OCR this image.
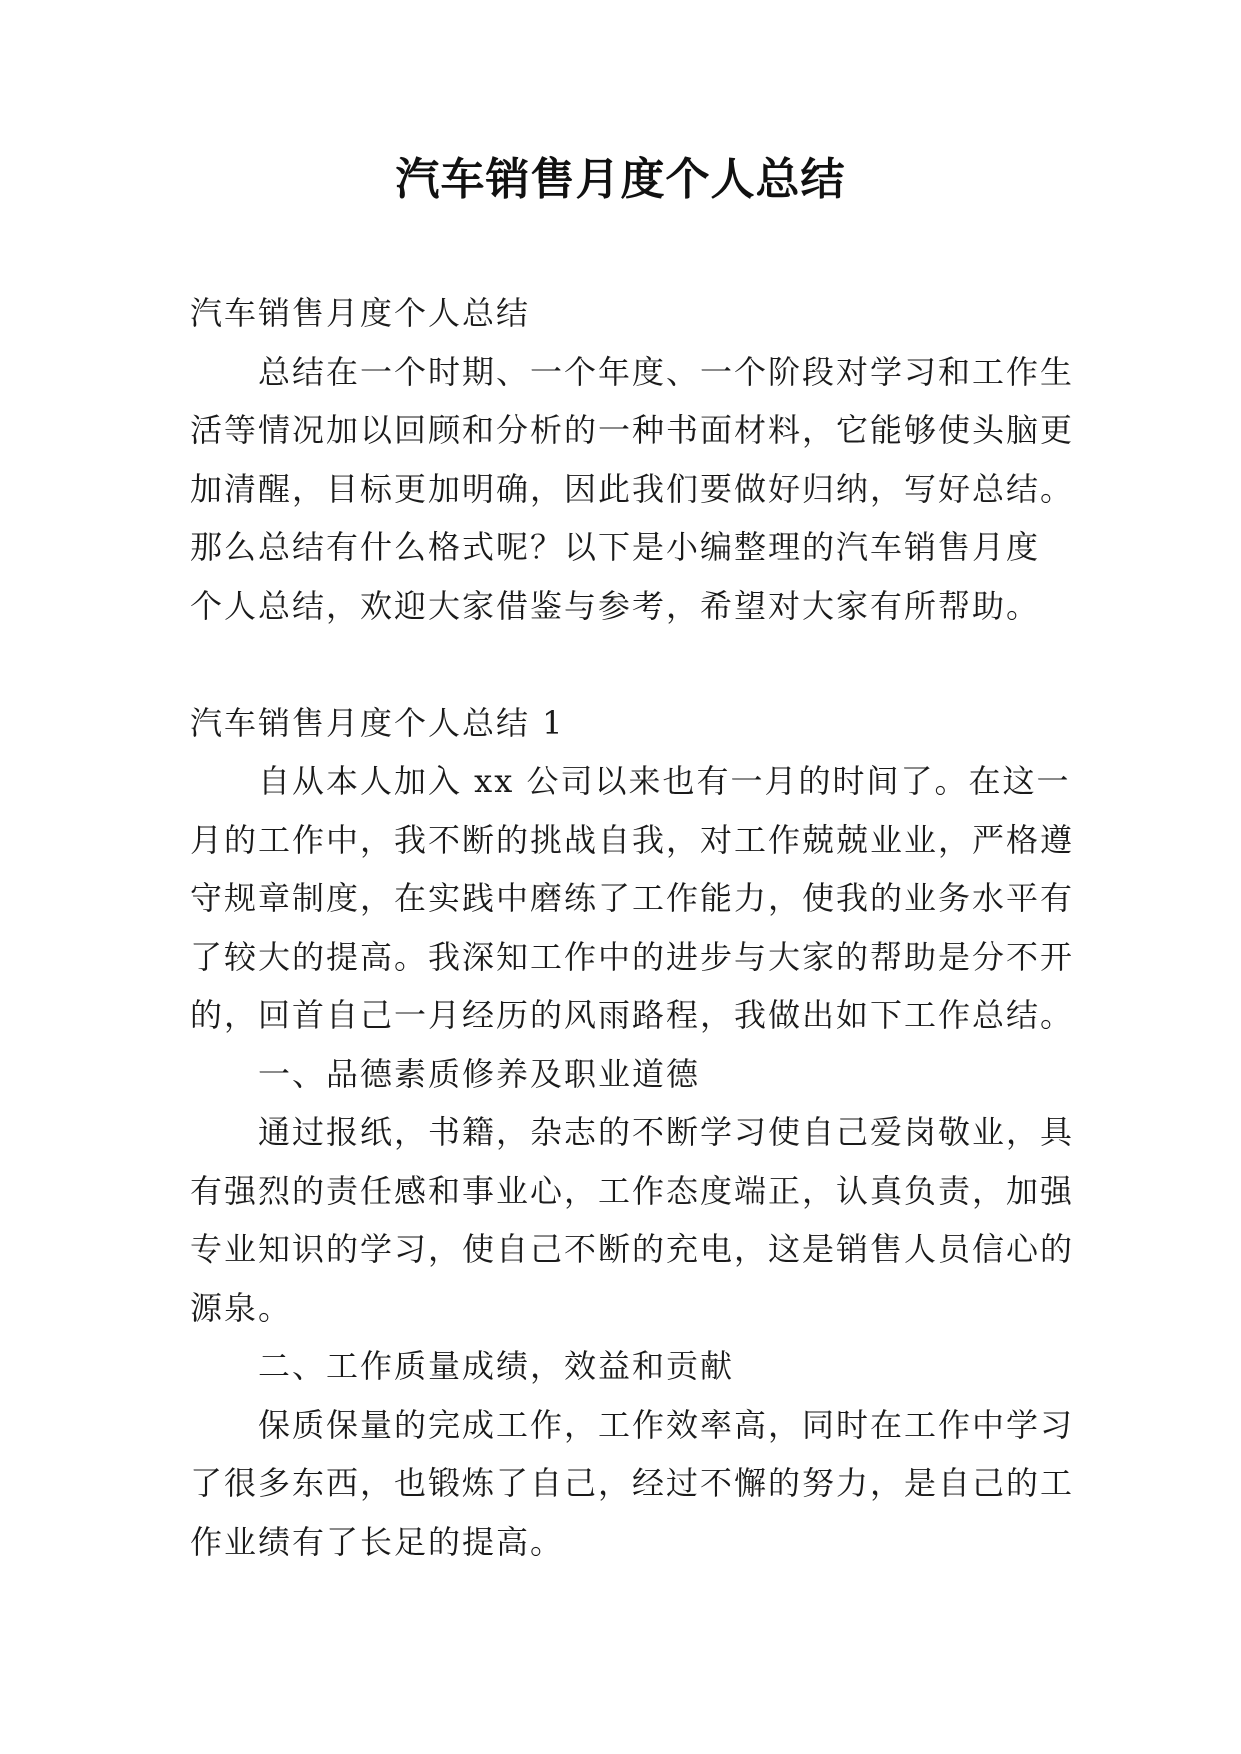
汽车销售月度个人总结
汽车销售月度个人总结
总结在一个时期、一个年度、一个阶段对学习和工作生
活等情况加以回顾和分析的一种书面材料，它能够使头脑更
加清醒，目标更加明确，因此我们要做好归纳，写好总结。
那么总结有什么格式呢？以下是小编整理的汽车销售月度
个人总结，欢迎大家借鉴与参考，希望对大家有所帮助。
汽车销售月度个人总结 1
自从本人加入 xx 公司以来也有一月的时间了。在这一
月的工作中，我不断的挑战自我，对工作兢兢业业，严格遵
守规章制度，在实践中磨练了工作能力，使我的业务水平有
了较大的提高。我深知工作中的进步与大家的帮助是分不开
的，回首自己一月经历的风雨路程，我做出如下工作总结。
一、品德素质修养及职业道德
通过报纸，书籍，杂志的不断学习使自己爱岗敬业，具
有强烈的责任感和事业心，工作态度端正，认真负责，加强
专业知识的学习，使自己不断的充电，这是销售人员信心的
源泉。
二、工作质量成绩，效益和贡献
保质保量的完成工作，工作效率高，同时在工作中学习
了很多东西，也锻炼了自己，经过不懈的努力，是自己的工
作业绩有了长足的提高。
